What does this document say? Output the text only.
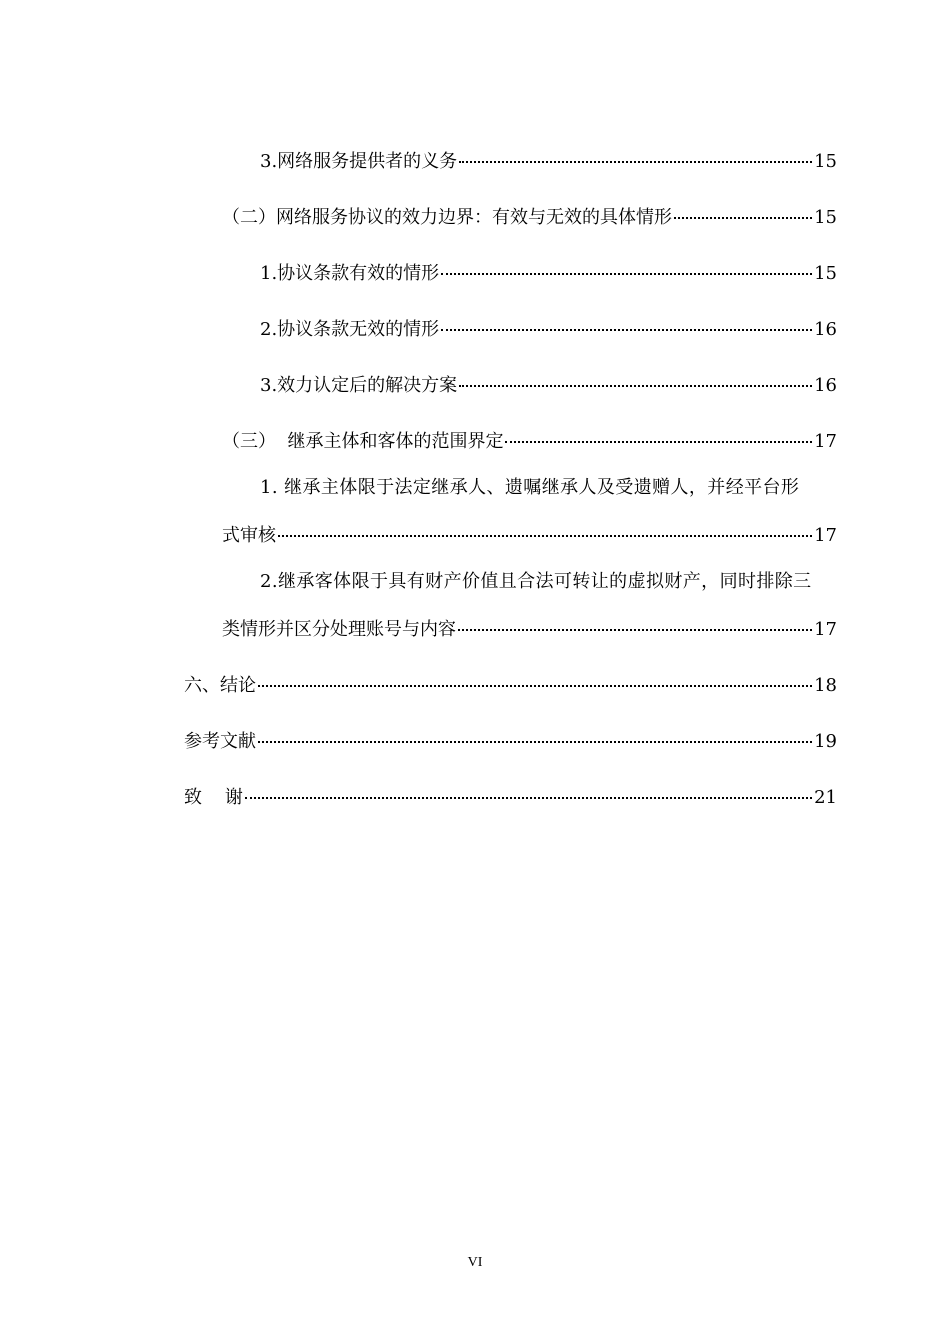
3.网络服务提供者的义务	15
（二）网络服务协议的效力边界：有效与无效的具体情形	15
1.协议条款有效的情形	15
2.协议条款无效的情形	16
3.效力认定后的解决方案	16
（三）  继承主体和客体的范围界定	17
1. 继承主体限于法定继承人、遗嘱继承人及受遗赠人，并经平台形
式审核	17
2.继承客体限于具有财产价值且合法可转让的虚拟财产，同时排除三
类情形并区分处理账号与内容	17
六、结论	18
参考文献	19
致    谢	21
VI
